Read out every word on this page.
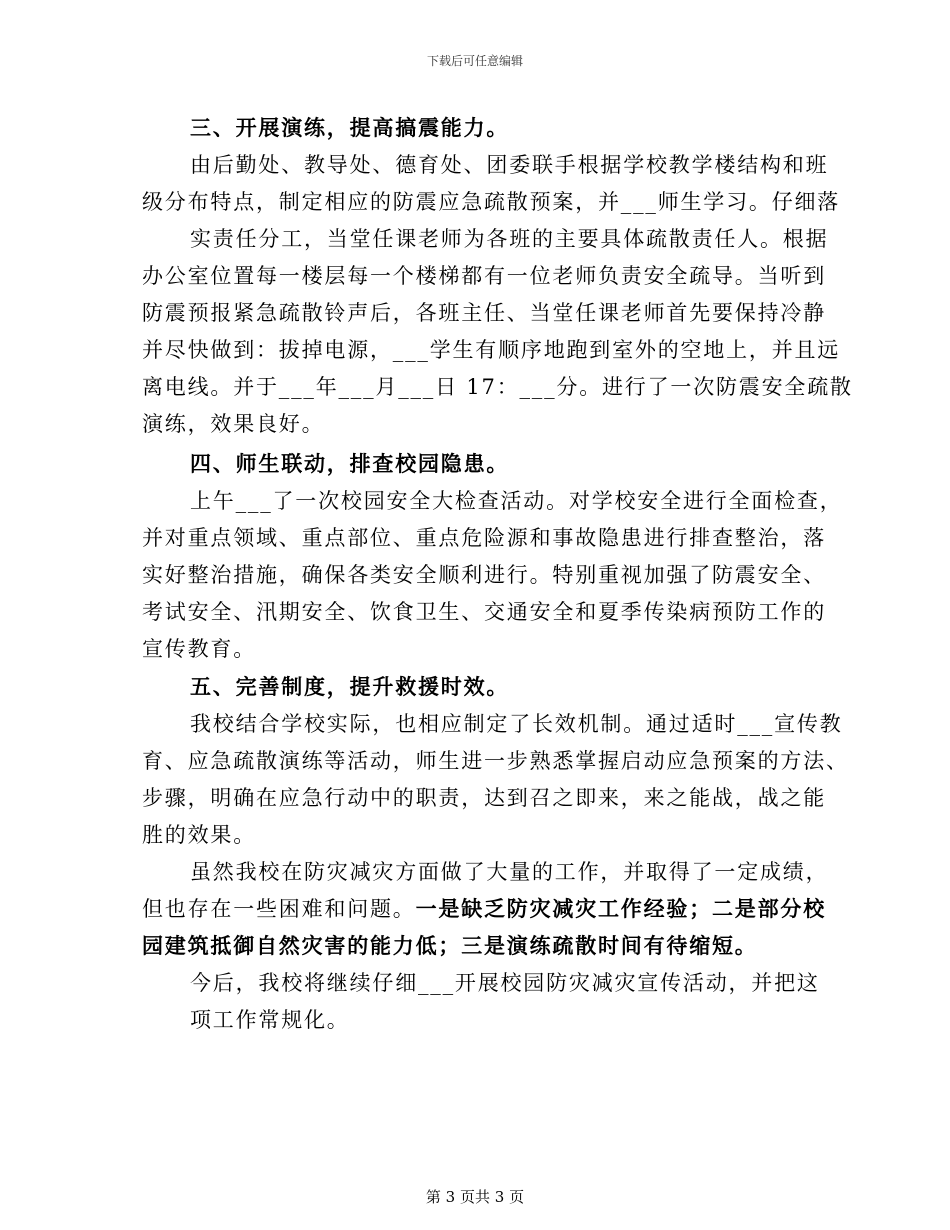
下载后可任意编辑
三、开展演练，提高搞震能力。
由后勤处、教导处、德育处、团委联手根据学校教学楼结构和班
级分布特点，制定相应的防震应急疏散预案，并___师生学习。仔细落
实责任分工，当堂任课老师为各班的主要具体疏散责任人。根据
办公室位置每一楼层每一个楼梯都有一位老师负责安全疏导。当听到
防震预报紧急疏散铃声后，各班主任、当堂任课老师首先要保持冷静
并尽快做到：拔掉电源，___学生有顺序地跑到室外的空地上，并且远
离电线。并于___年___月___日 17：___分。进行了一次防震安全疏散
演练，效果良好。
四、师生联动，排查校园隐患。
上午___了一次校园安全大检查活动。对学校安全进行全面检查，
并对重点领域、重点部位、重点危险源和事故隐患进行排查整治，落
实好整治措施，确保各类安全顺利进行。特别重视加强了防震安全、
考试安全、汛期安全、饮食卫生、交通安全和夏季传染病预防工作的
宣传教育。
五、完善制度，提升救援时效。
我校结合学校实际，也相应制定了长效机制。通过适时___宣传教
育、应急疏散演练等活动，师生进一步熟悉掌握启动应急预案的方法、
步骤，明确在应急行动中的职责，达到召之即来，来之能战，战之能
胜的效果。
虽然我校在防灾减灾方面做了大量的工作，并取得了一定成绩，
但也存在一些困难和问题。一是缺乏防灾减灾工作经验；二是部分校
园建筑抵御自然灾害的能力低；三是演练疏散时间有待缩短。
今后，我校将继续仔细___开展校园防灾减灾宣传活动，并把这
项工作常规化。
第 3 页共 3 页
